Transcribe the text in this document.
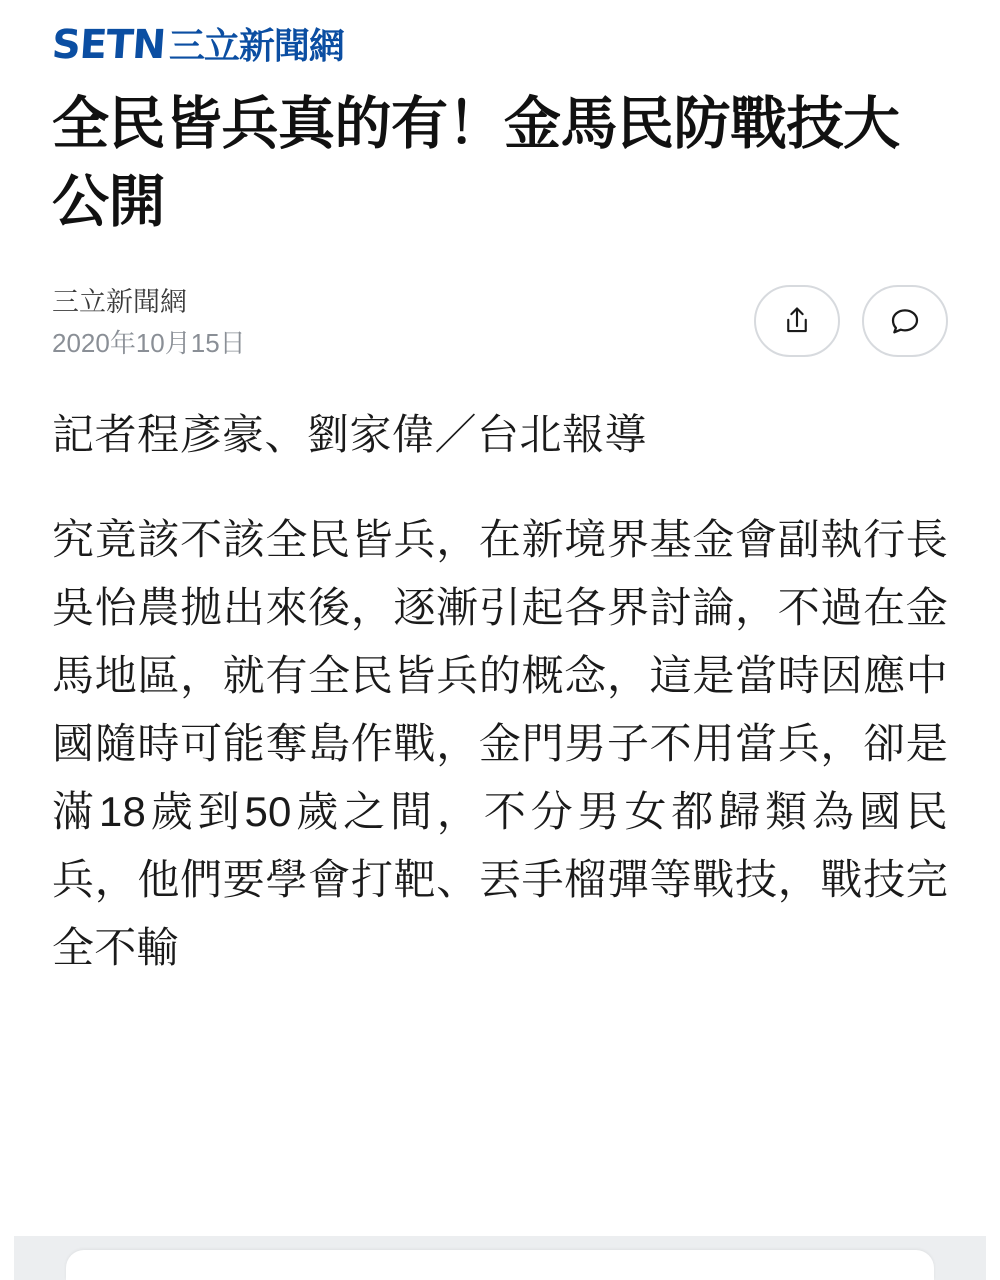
SETN 三立新聞網
全民皆兵真的有！金馬民防戰技大公開
三立新聞網
2020年10月15日
記者程彥豪、劉家偉／台北報導
究竟該不該全民皆兵，在新境界基金會副執行長吳怡農拋出來後，逐漸引起各界討論，不過在金馬地區，就有全民皆兵的概念，這是當時因應中國隨時可能奪島作戰，金門男子不用當兵，卻是滿18歲到50歲之間，不分男女都歸類為國民兵，他們要學會打靶、丟手榴彈等戰技，戰技完全不輸
